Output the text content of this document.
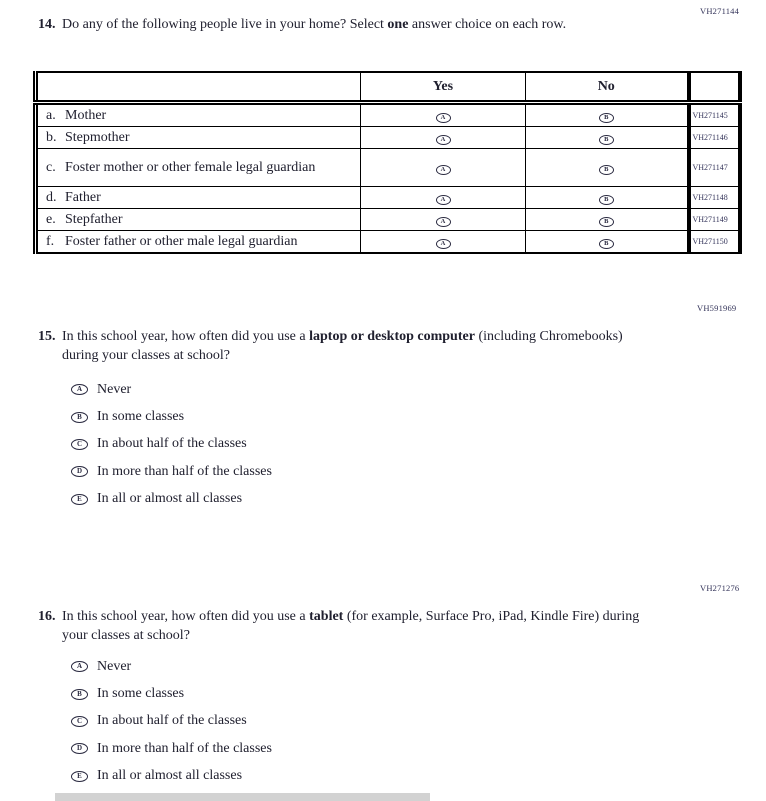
VH271144
14. Do any of the following people live in your home? Select one answer choice on each row.
	Yes	No	

a. Mother	A	B	VH271145

b. Stepmother	A	B	VH271146

c. Foster mother or other female legal guardian	A	B	VH271147

d. Father	A	B	VH271148

e. Stepfather	A	B	VH271149

f. Foster father or other male legal guardian	A	B	VH271150
VH591969
15. In this school year, how often did you use a laptop or desktop computer (including Chromebooks) during your classes at school?
A Never
B In some classes
C In about half of the classes
D In more than half of the classes
E In all or almost all classes
VH271276
16. In this school year, how often did you use a tablet (for example, Surface Pro, iPad, Kindle Fire) during your classes at school?
A Never
B In some classes
C In about half of the classes
D In more than half of the classes
E In all or almost all classes
